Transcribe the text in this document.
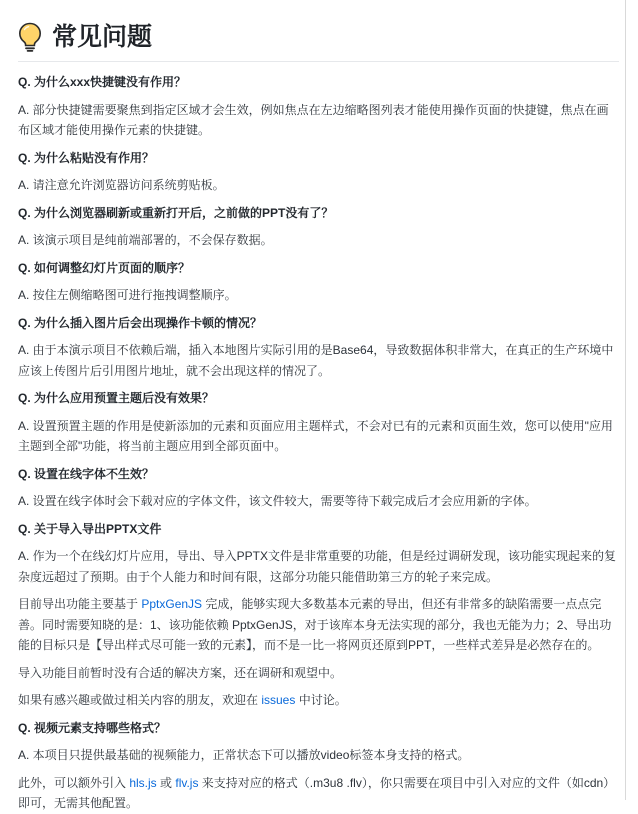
常见问题
Q. 为什么xxx快捷键没有作用？

A. 部分快捷键需要聚焦到指定区域才会生效，例如焦点在左边缩略图列表才能使用操作页面的快捷键，焦点在画布区域才能使用操作元素的快捷键。

Q. 为什么粘贴没有作用？

A. 请注意允许浏览器访问系统剪贴板。

Q. 为什么浏览器刷新或重新打开后，之前做的PPT没有了？

A. 该演示项目是纯前端部署的，不会保存数据。

Q. 如何调整幻灯片页面的顺序？

A. 按住左侧缩略图可进行拖拽调整顺序。

Q. 为什么插入图片后会出现操作卡顿的情况？

A. 由于本演示项目不依赖后端，插入本地图片实际引用的是Base64，导致数据体积非常大，在真正的生产环境中应该上传图片后引用图片地址，就不会出现这样的情况了。

Q. 为什么应用预置主题后没有效果？

A. 设置预置主题的作用是使新添加的元素和页面应用主题样式，不会对已有的元素和页面生效，您可以使用"应用主题到全部"功能，将当前主题应用到全部页面中。

Q. 设置在线字体不生效？

A. 设置在线字体时会下载对应的字体文件，该文件较大，需要等待下载完成后才会应用新的字体。

Q. 关于导入导出PPTX文件

A. 作为一个在线幻灯片应用，导出、导入PPTX文件是非常重要的功能，但是经过调研发现，该功能实现起来的复杂度远超过了预期。由于个人能力和时间有限，这部分功能只能借助第三方的轮子来完成。

目前导出功能主要基于 PptxGenJS 完成，能够实现大多数基本元素的导出，但还有非常多的缺陷需要一点点完善。同时需要知晓的是：1、该功能依赖 PptxGenJS，对于该库本身无法实现的部分，我也无能为力；2、导出功能的目标只是【导出样式尽可能一致的元素】，而不是一比一将网页还原到PPT，一些样式差异是必然存在的。

导入功能目前暂时没有合适的解决方案，还在调研和观望中。

如果有感兴趣或做过相关内容的朋友，欢迎在 issues 中讨论。

Q. 视频元素支持哪些格式？

A. 本项目只提供最基础的视频能力，正常状态下可以播放video标签本身支持的格式。

此外，可以额外引入 hls.js 或 flv.js 来支持对应的格式（.m3u8 .flv），你只需要在项目中引入对应的文件（如cdn）即可，无需其他配置。
